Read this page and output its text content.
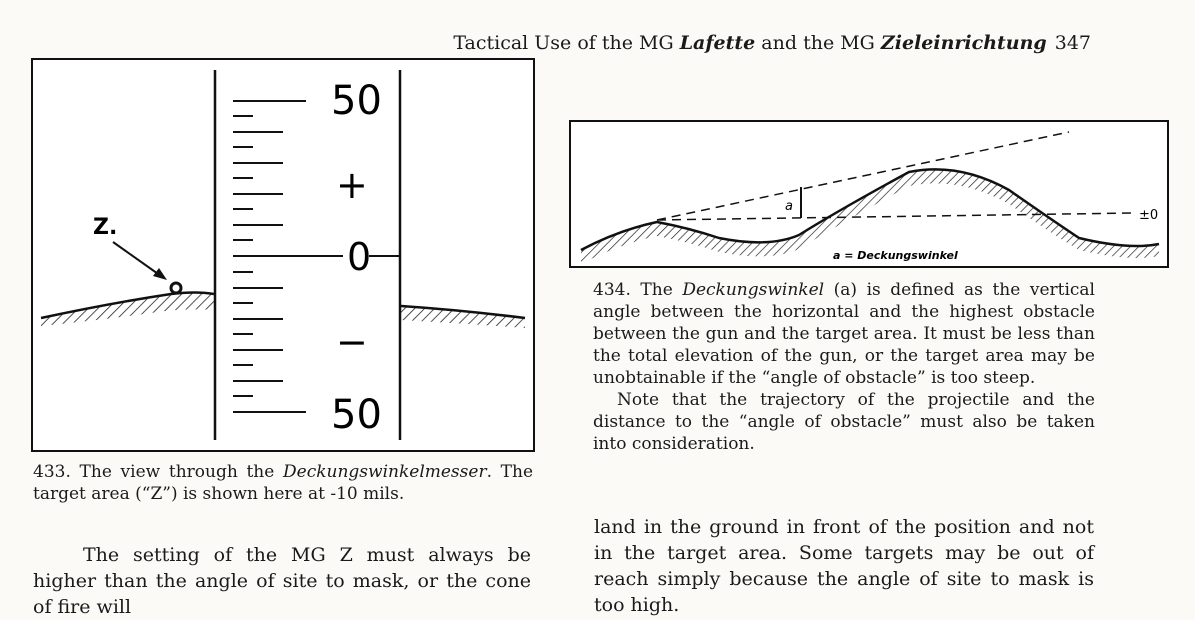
Tactical Use of the MG Lafette and the MG Zieleinrichtung 347
50
+
0
−
50
Z.
a
±0
a = Deckungswinkel
433. The view through the Deckungswinkelmesser. The target area (“Z”) is shown here at -10 mils.
434. The Deckungswinkel (a) is defined as the vertical angle between the horizontal and the highest obstacle between the gun and the target area. It must be less than the total elevation of the gun, or the target area may be unobtainable if the “angle of obstacle” is too steep.
Note that the trajectory of the projectile and the distance to the “angle of obstacle” must also be taken into consideration.
The setting of the MG Z must always be higher than the angle of site to mask, or the cone of fire will
land in the ground in front of the position and not in the target area. Some targets may be out of reach simply because the angle of site to mask is too high.
